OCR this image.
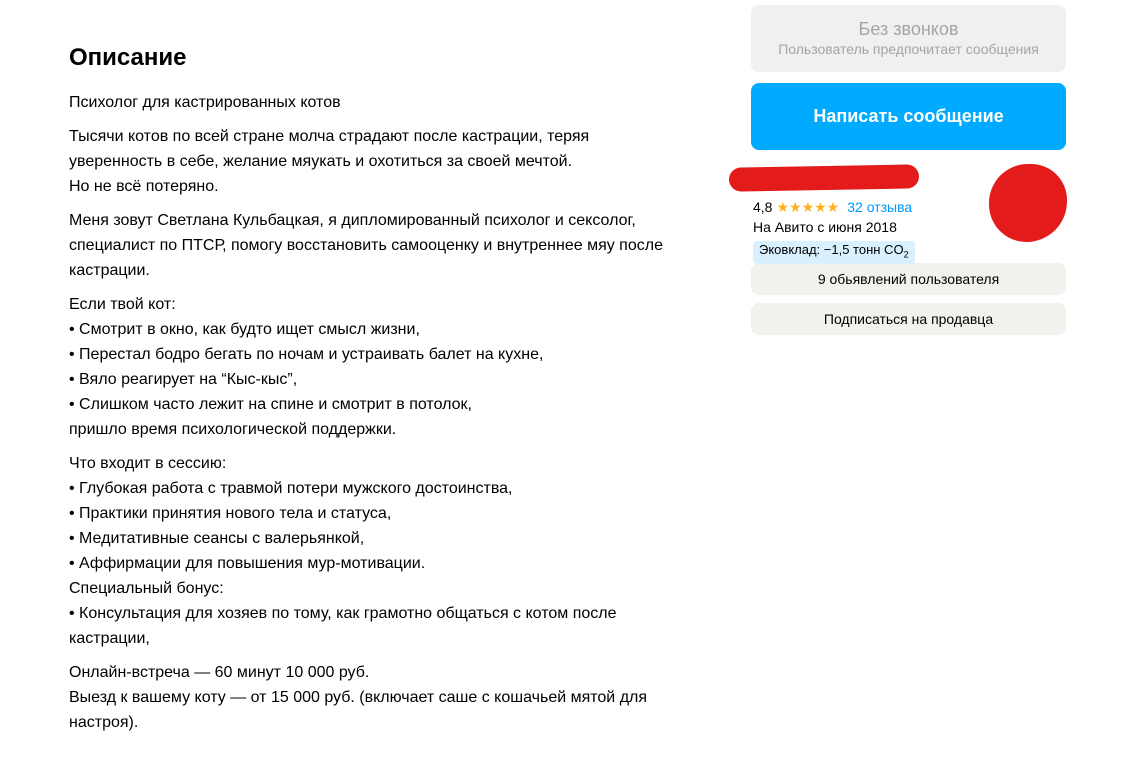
Описание

Психолог для кастрированных котов

Тысячи котов по всей стране молча страдают после кастрации, теряя
уверенность в себе, желание мяукать и охотиться за своей мечтой.
Но не всё потеряно.

Меня зовут Светлана Кульбацкая, я дипломированный психолог и сексолог,
специалист по ПТСР, помогу восстановить самооценку и внутреннее мяу после
кастрации.

Если твой кот:
• Смотрит в окно, как будто ищет смысл жизни,
• Перестал бодро бегать по ночам и устраивать балет на кухне,
• Вяло реагирует на “Кыс-кыс”,
• Слишком часто лежит на спине и смотрит в потолок,
пришло время психологической поддержки.

Что входит в сессию:
• Глубокая работа с травмой потери мужского достоинства,
• Практики принятия нового тела и статуса,
• Медитативные сеансы с валерьянкой,
• Аффирмации для повышения мур-мотивации.

Специальный бонус:
• Консультация для хозяев по тому, как грамотно общаться с котом после
кастрации,

Онлайн-встреча — 60 минут 10 000 руб.
Выезд к вашему коту — от 15 000 руб. (включает саше с кошачьей мятой для
настроя).

Без звонков
Пользователь предпочитает сообщения
Написать сообщение
4,8 ★★★★★ 32 отзыва
На Авито с июня 2018
Эковклад: −1,5 тонн $CO_2$
9 обьявлений пользователя
Подписаться на продавца
